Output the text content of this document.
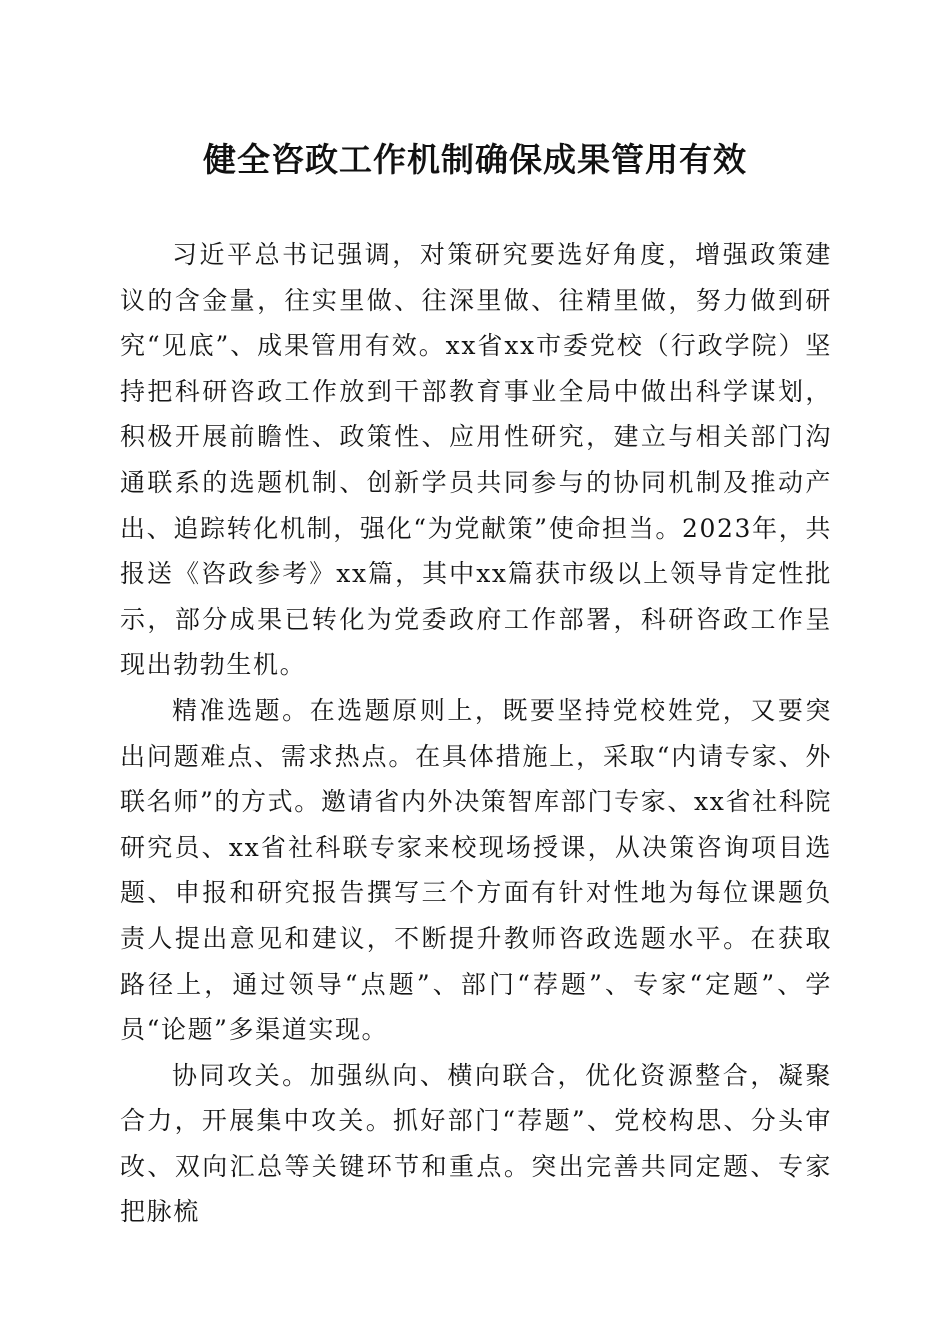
健全咨政工作机制确保成果管用有效

习近平总书记强调，对策研究要选好角度，增强政策建议的含金量，往实里做、往深里做、往精里做，努力做到研究“见底”、成果管用有效。xx省xx市委党校（行政学院）坚持把科研咨政工作放到干部教育事业全局中做出科学谋划，积极开展前瞻性、政策性、应用性研究，建立与相关部门沟通联系的选题机制、创新学员共同参与的协同机制及推动产出、追踪转化机制，强化“为党献策”使命担当。2023年，共报送《咨政参考》xx篇，其中xx篇获市级以上领导肯定性批示，部分成果已转化为党委政府工作部署，科研咨政工作呈现出勃勃生机。

精准选题。在选题原则上，既要坚持党校姓党，又要突出问题难点、需求热点。在具体措施上，采取“内请专家、外联名师”的方式。邀请省内外决策智库部门专家、xx省社科院研究员、xx省社科联专家来校现场授课，从决策咨询项目选题、申报和研究报告撰写三个方面有针对性地为每位课题负责人提出意见和建议，不断提升教师咨政选题水平。在获取路径上，通过领导“点题”、部门“荐题”、专家“定题”、学员“论题”多渠道实现。

协同攻关。加强纵向、横向联合，优化资源整合，凝聚合力，开展集中攻关。抓好部门“荐题”、党校构思、分头审改、双向汇总等关键环节和重点。突出完善共同定题、专家把脉梳
